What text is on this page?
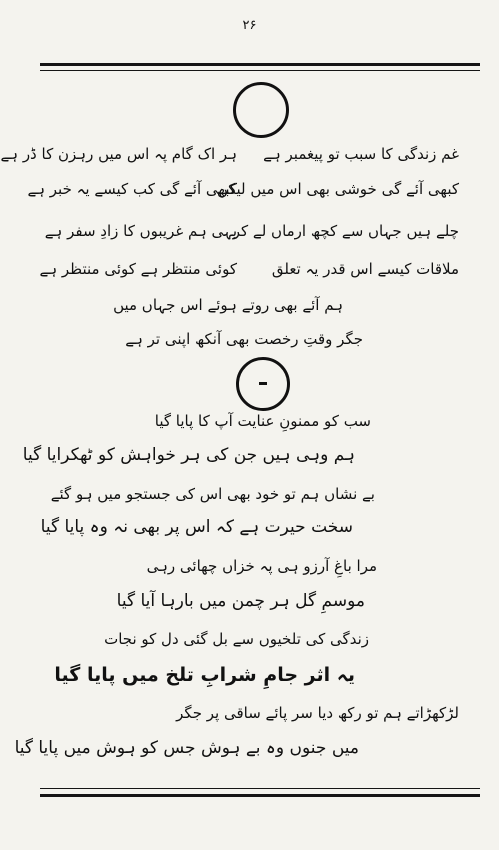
۲۶
غم زندگی کا سبب تو پیغمبر ہے
ہر اک گام پہ اس میں رہزن کا ڈر ہے
کبھی آئے گی خوشی بھی اس میں لیکن
کبھی آئے گی کب کیسے یہ خبر ہے
چلے ہیں جہاں سے کچھ ارماں لے کر
یہی ہم غریبوں کا زادِ سفر ہے
ملاقات کیسے اس قدر یہ تعلق
کوئی منتظر ہے کوئی منتظر ہے
ہم آئے بھی روتے ہوئے اس جہاں میں
جگر وقتِ رخصت بھی آنکھ اپنی تر ہے
سب کو ممنونِ عنایت آپ کا پایا گیا
ہم وہی ہیں جن کی ہر خواہش کو ٹھکرایا گیا
بے نشاں ہم تو خود بھی اس کی جستجو میں ہو گئے
سخت حیرت ہے کہ اس پر بھی نہ وہ پایا گیا
مرا باغِ آرزو ہی پہ خزاں چھائی رہی
موسمِ گل ہر چمن میں بارہا آیا گیا
زندگی کی تلخیوں سے بل گئی دل کو نجات
یہ اثر جامِ شرابِ تلخ میں پایا گیا
لڑکھڑاتے ہم تو رکھ دیا سر پائے ساقی پر جگر
میں جنوں وہ بے ہوش جس کو ہوش میں پایا گیا
